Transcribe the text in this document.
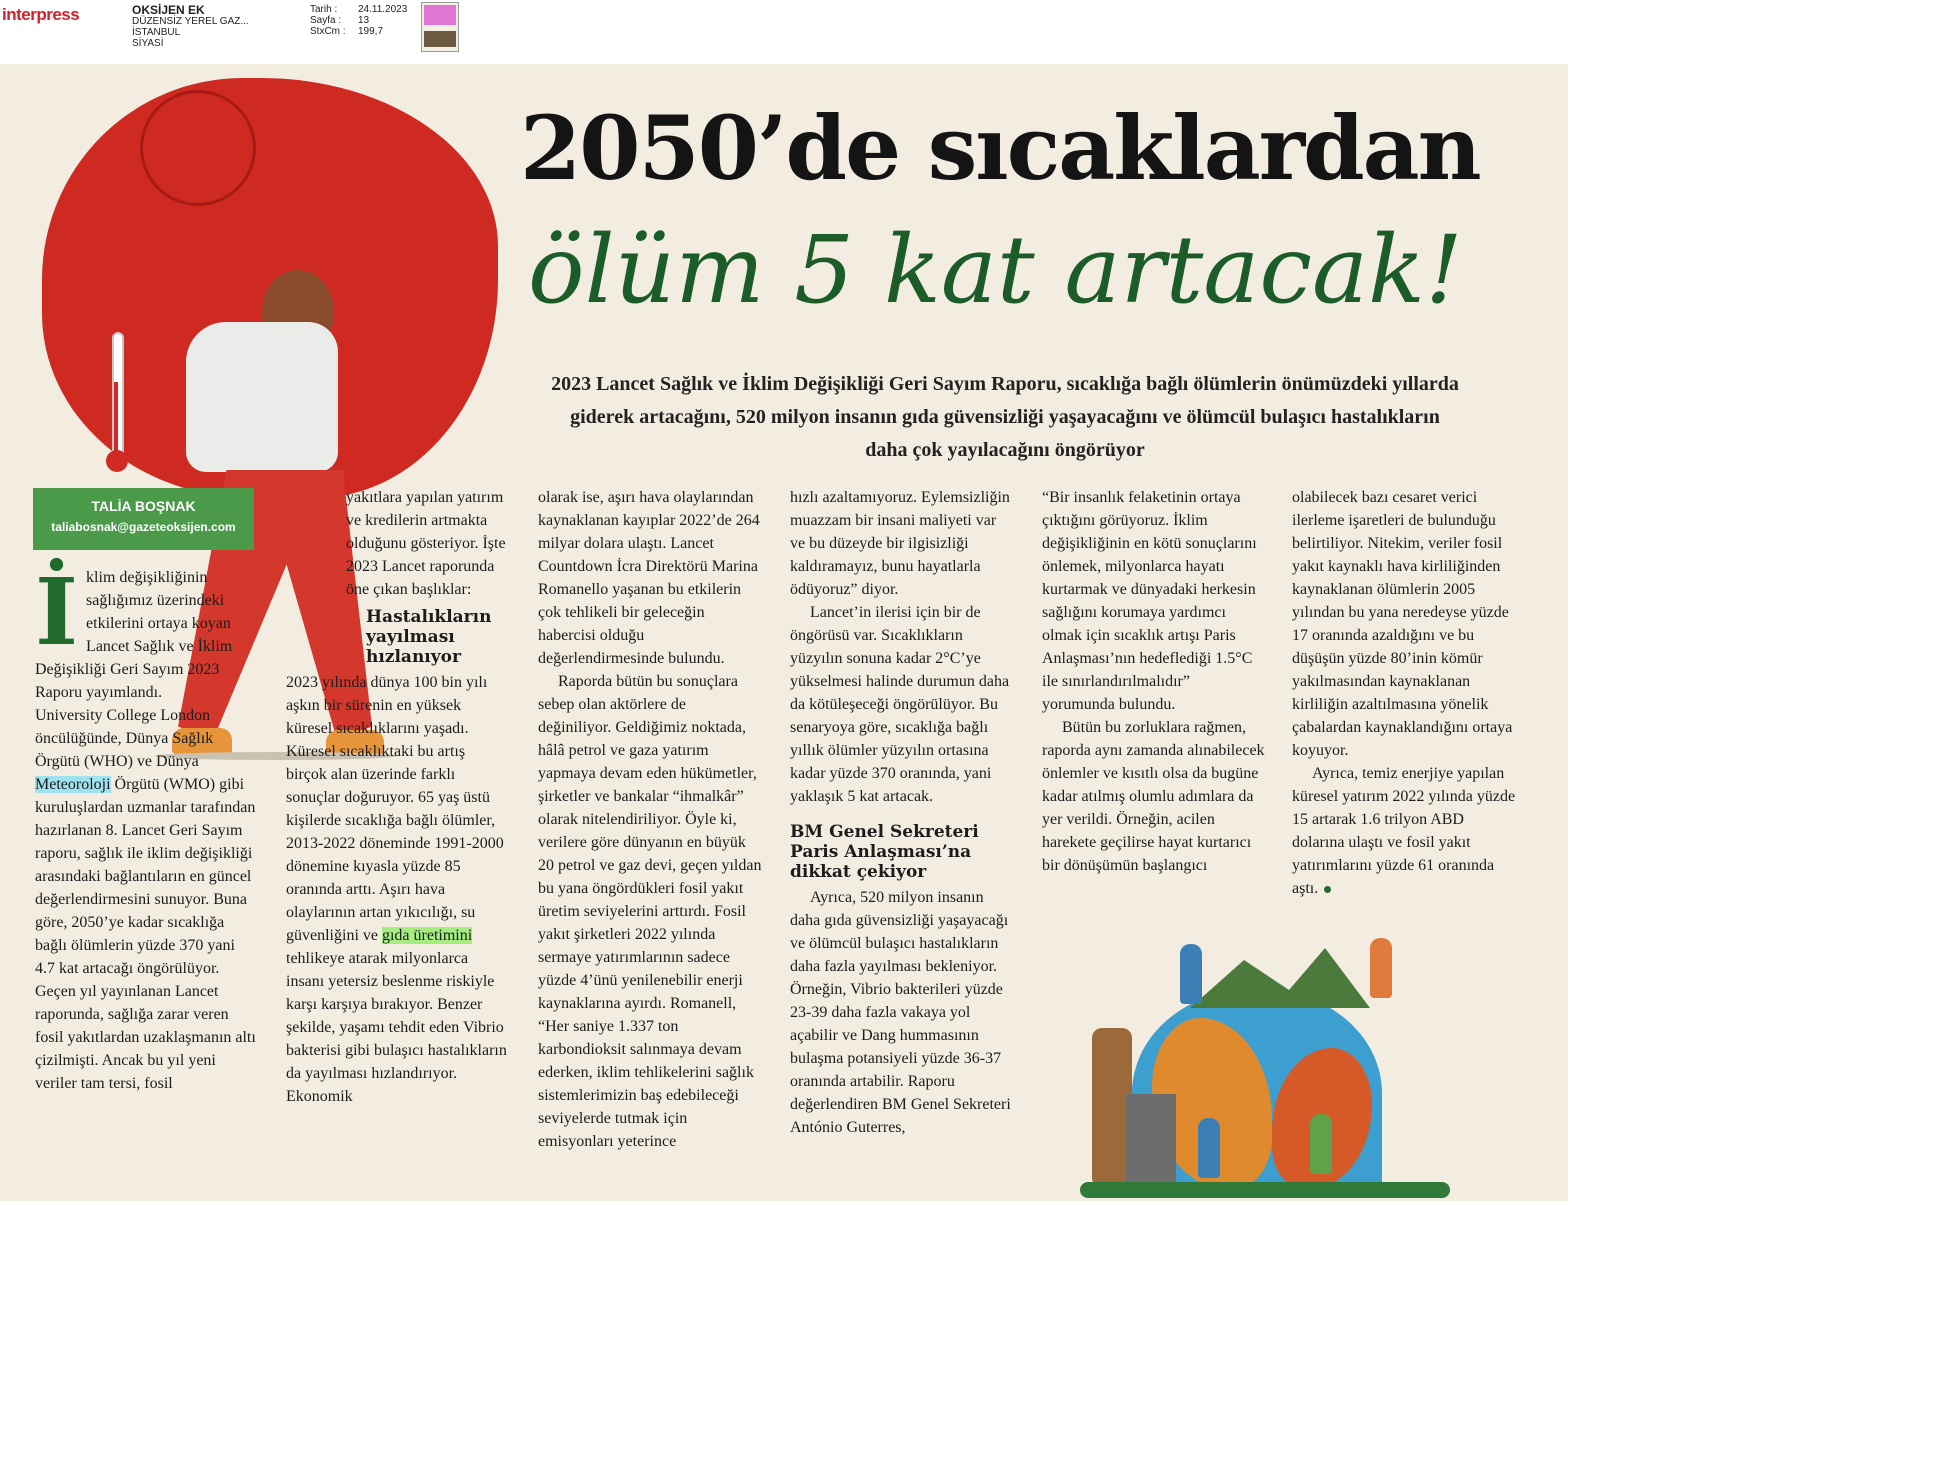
interpress	OKSİJEN EK
DÜZENSİZ YEREL GAZ...
İSTANBUL
SİYASİ
Tarih :	24.11.2023
Sayfa :	13
StxCm :	199,7
TALİA BOŞNAK
taliabosnak@gazeteoksijen.com
2050’de sıcaklardan
ölüm 5 kat artacak!
2023 Lancet Sağlık ve İklim Değişikliği Geri Sayım Raporu, sıcaklığa bağlı ölümlerin önümüzdeki yıllarda giderek artacağını, 520 milyon insanın gıda güvensizliği yaşayacağını ve ölümcül bulaşıcı hastalıkların daha çok yayılacağını öngörüyor

İklim değişikliğinin sağlığımız üzerindeki etkilerini ortaya koyan Lancet Sağlık ve İklim Değişikliği Geri Sayım 2023 Raporu yayımlandı.

University College London öncülüğünde, Dünya Sağlık Örgütü (WHO) ve Dünya Meteoroloji Örgütü (WMO) gibi kuruluşlardan uzmanlar tarafından hazırlanan 8. Lancet Geri Sayım raporu, sağlık ile iklim değişikliği arasındaki bağlantıların en güncel değerlendirmesini sunuyor. Buna göre, 2050’ye kadar sıcaklığa bağlı ölümlerin yüzde 370 yani 4.7 kat artacağı öngörülüyor. Geçen yıl yayınlanan Lancet raporunda, sağlığa zarar veren fosil yakıtlardan uzaklaşmanın altı çizilmişti. Ancak bu yıl yeni veriler tam tersi, fosil

yakıtlara yapılan yatırım ve kredilerin artmakta olduğunu gösteriyor. İşte 2023 Lancet raporunda öne çıkan başlıklar:

Hastalıkların yayılması hızlanıyor

2023 yılında dünya 100 bin yılı aşkın bir sürenin en yüksek küresel sıcaklıklarını yaşadı. Küresel sıcaklıktaki bu artış birçok alan üzerinde farklı sonuçlar doğuruyor. 65 yaş üstü kişilerde sıcaklığa bağlı ölümler, 2013-2022 döneminde 1991-2000 dönemine kıyasla yüzde 85 oranında arttı. Aşırı hava olaylarının artan yıkıcılığı, su güvenliğini ve gıda üretimini tehlikeye atarak milyonlarca insanı yetersiz beslenme riskiyle karşı karşıya bırakıyor. Benzer şekilde, yaşamı tehdit eden Vibrio bakterisi gibi bulaşıcı hastalıkların da yayılması hızlandırıyor. Ekonomik

olarak ise, aşırı hava olaylarından kaynaklanan kayıplar 2022’de 264 milyar dolara ulaştı. Lancet Countdown İcra Direktörü Marina Romanello yaşanan bu etkilerin çok tehlikeli bir geleceğin habercisi olduğu değerlendirmesinde bulundu.

Raporda bütün bu sonuçlara sebep olan aktörlere de değiniliyor. Geldiğimiz noktada, hâlâ petrol ve gaza yatırım yapmaya devam eden hükümetler, şirketler ve bankalar “ihmalkâr” olarak nitelendiriliyor. Öyle ki, verilere göre dünyanın en büyük 20 petrol ve gaz devi, geçen yıldan bu yana öngördükleri fosil yakıt üretim seviyelerini arttırdı. Fosil yakıt şirketleri 2022 yılında sermaye yatırımlarının sadece yüzde 4’ünü yenilenebilir enerji kaynaklarına ayırdı. Romanell, “Her saniye 1.337 ton karbondioksit salınmaya devam ederken, iklim tehlikelerini sağlık sistemlerimizin baş edebileceği seviyelerde tutmak için emisyonları yeterince

hızlı azaltamıyoruz. Eylemsizliğin muazzam bir insani maliyeti var ve bu düzeyde bir ilgisizliği kaldıramayız, bunu hayatlarla ödüyoruz” diyor.

Lancet’in ilerisi için bir de öngörüsü var. Sıcaklıkların yüzyılın sonuna kadar 2°C’ye yükselmesi halinde durumun daha da kötüleşeceği öngörülüyor. Bu senaryoya göre, sıcaklığa bağlı yıllık ölümler yüzyılın ortasına kadar yüzde 370 oranında, yani yaklaşık 5 kat artacak.

BM Genel Sekreteri Paris Anlaşması’na dikkat çekiyor

Ayrıca, 520 milyon insanın daha gıda güvensizliği yaşayacağı ve ölümcül bulaşıcı hastalıkların daha fazla yayılması bekleniyor. Örneğin, Vibrio bakterileri yüzde 23-39 daha fazla vakaya yol açabilir ve Dang hummasının bulaşma potansiyeli yüzde 36-37 oranında artabilir. Raporu değerlendiren BM Genel Sekreteri António Guterres,

“Bir insanlık felaketinin ortaya çıktığını görüyoruz. İklim değişikliğinin en kötü sonuçlarını önlemek, milyonlarca hayatı kurtarmak ve dünyadaki herkesin sağlığını korumaya yardımcı olmak için sıcaklık artışı Paris Anlaşması’nın hedeflediği 1.5°C ile sınırlandırılmalıdır” yorumunda bulundu.

Bütün bu zorluklara rağmen, raporda aynı zamanda alınabilecek önlemler ve kısıtlı olsa da bugüne kadar atılmış olumlu adımlara da yer verildi. Örneğin, acilen harekete geçilirse hayat kurtarıcı bir dönüşümün başlangıcı

olabilecek bazı cesaret verici ilerleme işaretleri de bulunduğu belirtiliyor. Nitekim, veriler fosil yakıt kaynaklı hava kirliliğinden kaynaklanan ölümlerin 2005 yılından bu yana neredeyse yüzde 17 oranında azaldığını ve bu düşüşün yüzde 80’inin kömür yakılmasından kaynaklanan kirliliğin azaltılmasına yönelik çabalardan kaynaklandığını ortaya koyuyor.

Ayrıca, temiz enerjiye yapılan küresel yatırım 2022 yılında yüzde 15 artarak 1.6 trilyon ABD dolarına ulaştı ve fosil yakıt yatırımlarını yüzde 61 oranında aştı.
